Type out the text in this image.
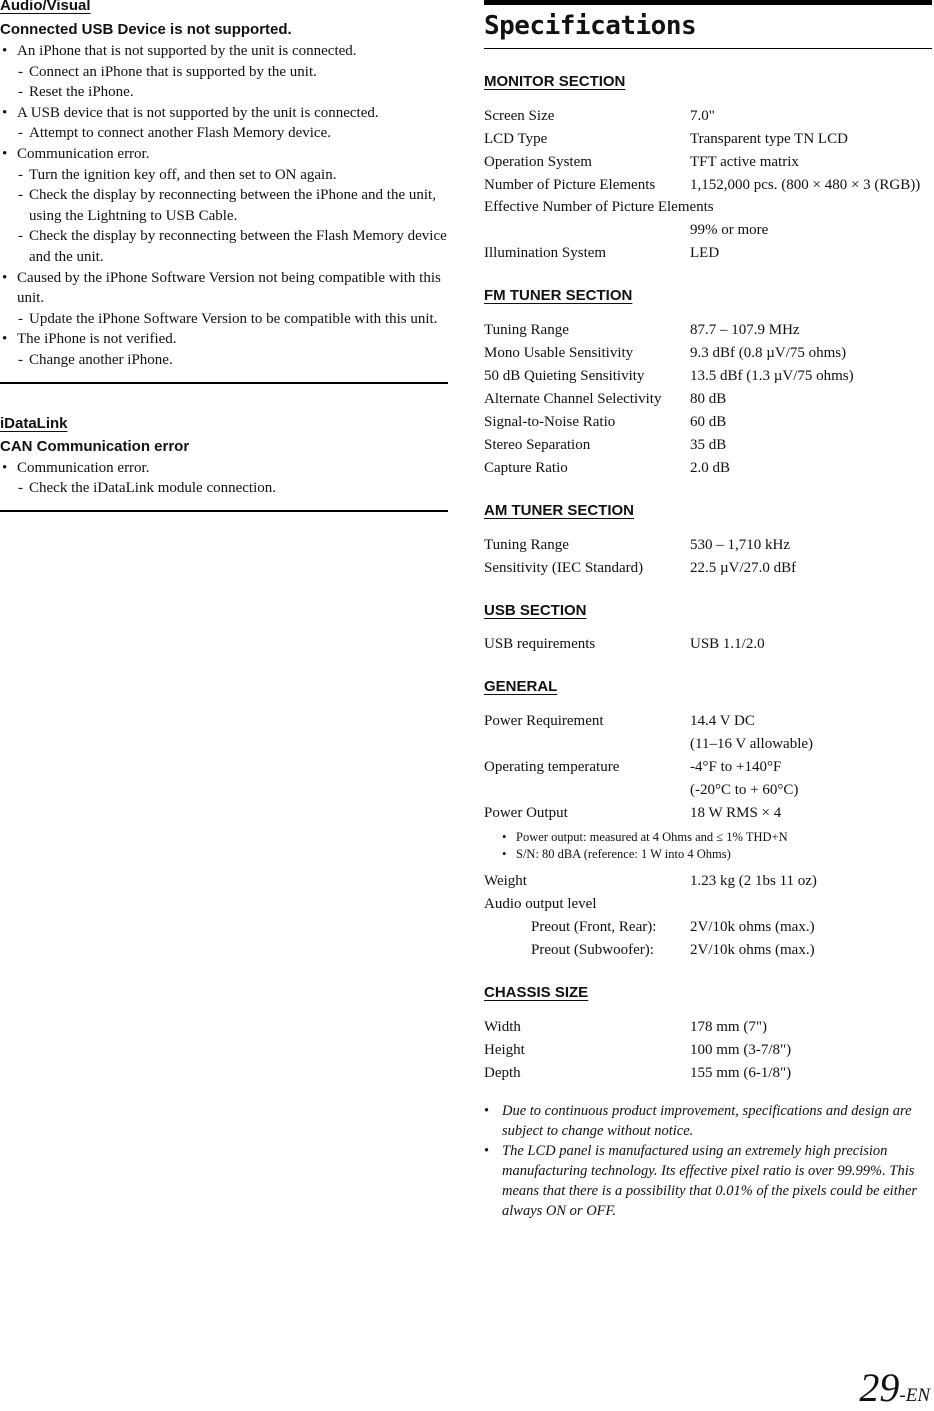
Audio/Visual
Connected USB Device is not supported.
• An iPhone that is not supported by the unit is connected.
- Connect an iPhone that is supported by the unit.
- Reset the iPhone.
• A USB device that is not supported by the unit is connected.
- Attempt to connect another Flash Memory device.
• Communication error.
- Turn the ignition key off, and then set to ON again.
- Check the display by reconnecting between the iPhone and the unit, using the Lightning to USB Cable.
- Check the display by reconnecting between the Flash Memory device and the unit.
• Caused by the iPhone Software Version not being compatible with this unit.
- Update the iPhone Software Version to be compatible with this unit.
• The iPhone is not verified.
- Change another iPhone.
iDataLink
CAN Communication error
• Communication error.
- Check the iDataLink module connection.
Specifications
MONITOR SECTION
Screen Size	7.0"
LCD Type	Transparent type TN LCD
Operation System	TFT active matrix
Number of Picture Elements	1,152,000 pcs. (800 × 480 × 3 (RGB))
Effective Number of Picture Elements
99% or more
Illumination System	LED
FM TUNER SECTION
Tuning Range	87.7 – 107.9 MHz
Mono Usable Sensitivity	9.3 dBf (0.8 µV/75 ohms)
50 dB Quieting Sensitivity	13.5 dBf (1.3 µV/75 ohms)
Alternate Channel Selectivity	80 dB
Signal-to-Noise Ratio	60 dB
Stereo Separation	35 dB
Capture Ratio	2.0 dB
AM TUNER SECTION
Tuning Range	530 – 1,710 kHz
Sensitivity (IEC Standard)	22.5 µV/27.0 dBf
USB SECTION
USB requirements	USB 1.1/2.0
GENERAL
Power Requirement	14.4 V DC
(11–16 V allowable)
Operating temperature	-4°F to +140°F
(-20°C to + 60°C)
Power Output	18 W RMS × 4
• Power output: measured at 4 Ohms and ≤ 1% THD+N
• S/N: 80 dBA (reference: 1 W into 4 Ohms)
Weight	1.23 kg (2 1bs 11 oz)
Audio output level
Preout (Front, Rear):	2V/10k ohms (max.)
Preout (Subwoofer):	2V/10k ohms (max.)
CHASSIS SIZE
Width	178 mm (7")
Height	100 mm (3-7/8")
Depth	155 mm (6-1/8")
• Due to continuous product improvement, specifications and design are subject to change without notice.
• The LCD panel is manufactured using an extremely high precision manufacturing technology. Its effective pixel ratio is over 99.99%. This means that there is a possibility that 0.01% of the pixels could be either always ON or OFF.
29-EN
